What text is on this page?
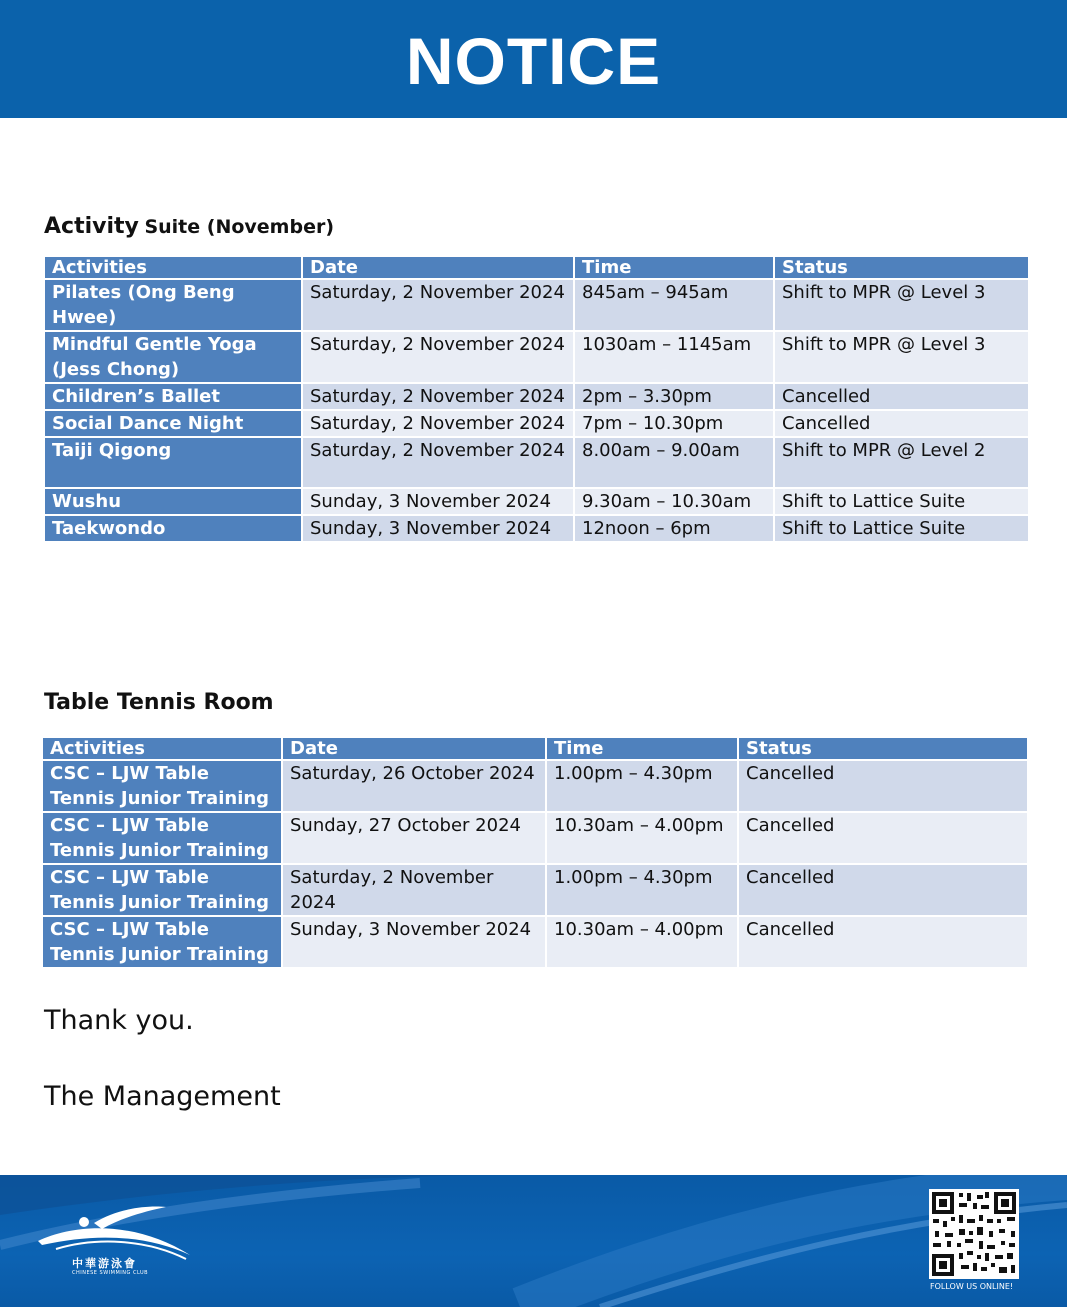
NOTICE
Activity Suite (November)
Activities	Date	Time	Status
Pilates (Ong Beng Hwee)	Saturday, 2 November 2024	845am – 945am	Shift to MPR @ Level 3
Mindful Gentle Yoga (Jess Chong)	Saturday, 2 November 2024	1030am – 1145am	Shift to MPR @ Level 3
Children’s Ballet	Saturday, 2 November 2024	2pm – 3.30pm	Cancelled
Social Dance Night	Saturday, 2 November 2024	7pm – 10.30pm	Cancelled
Taiji Qigong	Saturday, 2 November 2024	8.00am – 9.00am	Shift to MPR @ Level 2
Wushu	Sunday, 3 November 2024	9.30am – 10.30am	Shift to Lattice Suite
Taekwondo	Sunday, 3 November 2024	12noon – 6pm	Shift to Lattice Suite
Table Tennis Room
Activities	Date	Time	Status
CSC – LJW Table Tennis Junior Training	Saturday, 26 October 2024	1.00pm – 4.30pm	Cancelled
CSC – LJW Table Tennis Junior Training	Sunday, 27 October 2024	10.30am – 4.00pm	Cancelled
CSC – LJW Table Tennis Junior Training	Saturday, 2 November 2024	1.00pm – 4.30pm	Cancelled
CSC – LJW Table Tennis Junior Training	Sunday, 3 November 2024	10.30am – 4.00pm	Cancelled
Thank you.
The Management
中華游泳會
CHINESE SWIMMING CLUB
FOLLOW US ONLINE!
